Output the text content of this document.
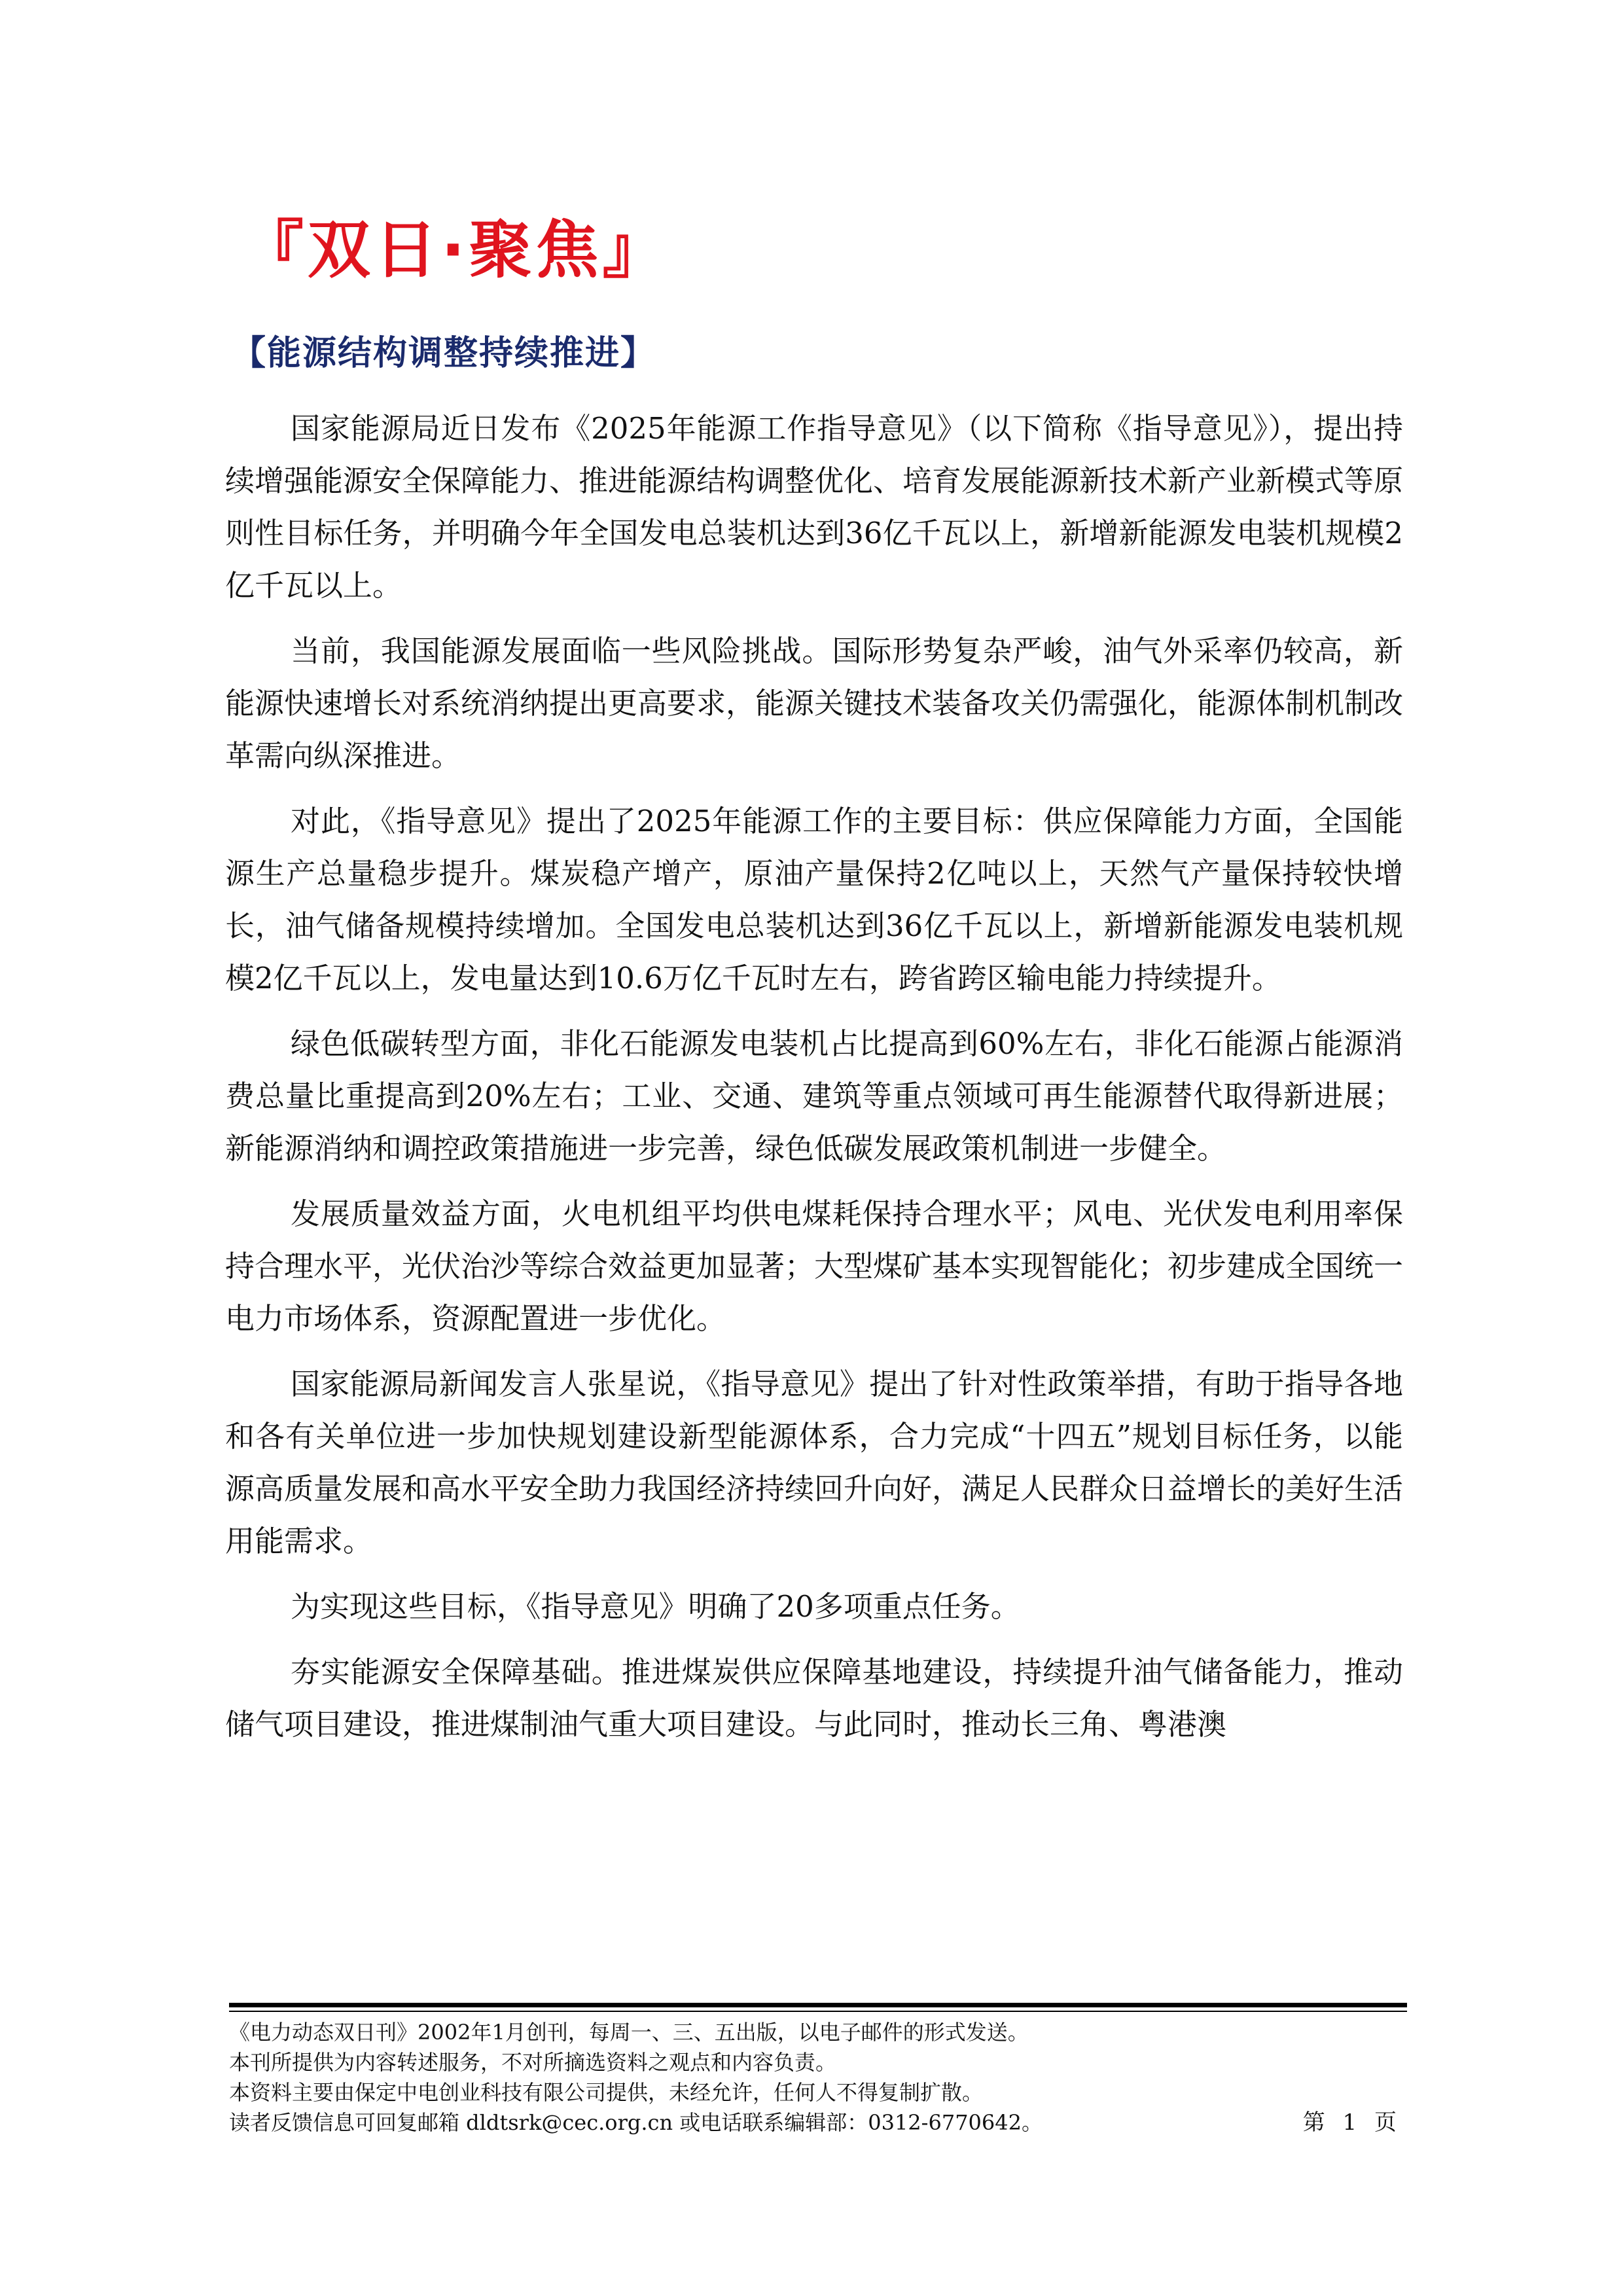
『双日·聚焦』
【能源结构调整持续推进】

国家能源局近日发布《2025年能源工作指导意见》（以下简称《指导意见》），提出持续增强能源安全保障能力、推进能源结构调整优化、培育发展能源新技术新产业新模式等原则性目标任务，并明确今年全国发电总装机达到36亿千瓦以上，新增新能源发电装机规模2亿千瓦以上。

当前，我国能源发展面临一些风险挑战。国际形势复杂严峻，油气外采率仍较高，新能源快速增长对系统消纳提出更高要求，能源关键技术装备攻关仍需强化，能源体制机制改革需向纵深推进。

对此，《指导意见》提出了2025年能源工作的主要目标：供应保障能力方面，全国能源生产总量稳步提升。煤炭稳产增产，原油产量保持2亿吨以上，天然气产量保持较快增长，油气储备规模持续增加。全国发电总装机达到36亿千瓦以上，新增新能源发电装机规模2亿千瓦以上，发电量达到10.6万亿千瓦时左右，跨省跨区输电能力持续提升。

绿色低碳转型方面，非化石能源发电装机占比提高到60%左右，非化石能源占能源消费总量比重提高到20%左右；工业、交通、建筑等重点领域可再生能源替代取得新进展；新能源消纳和调控政策措施进一步完善，绿色低碳发展政策机制进一步健全。

发展质量效益方面，火电机组平均供电煤耗保持合理水平；风电、光伏发电利用率保持合理水平，光伏治沙等综合效益更加显著；大型煤矿基本实现智能化；初步建成全国统一电力市场体系，资源配置进一步优化。

国家能源局新闻发言人张星说，《指导意见》提出了针对性政策举措，有助于指导各地和各有关单位进一步加快规划建设新型能源体系，合力完成“十四五”规划目标任务，以能源高质量发展和高水平安全助力我国经济持续回升向好，满足人民群众日益增长的美好生活用能需求。

为实现这些目标，《指导意见》明确了20多项重点任务。

夯实能源安全保障基础。推进煤炭供应保障基地建设，持续提升油气储备能力，推动储气项目建设，推进煤制油气重大项目建设。与此同时，推动长三角、粤港澳

《电力动态双日刊》2002年1月创刊，每周一、三、五出版，以电子邮件的形式发送。
本刊所提供为内容转述服务，不对所摘选资料之观点和内容负责。
本资料主要由保定中电创业科技有限公司提供，未经允许，任何人不得复制扩散。
读者反馈信息可回复邮箱 dldtsrk@cec.org.cn 或电话联系编辑部：0312-6770642。	第 1 页
